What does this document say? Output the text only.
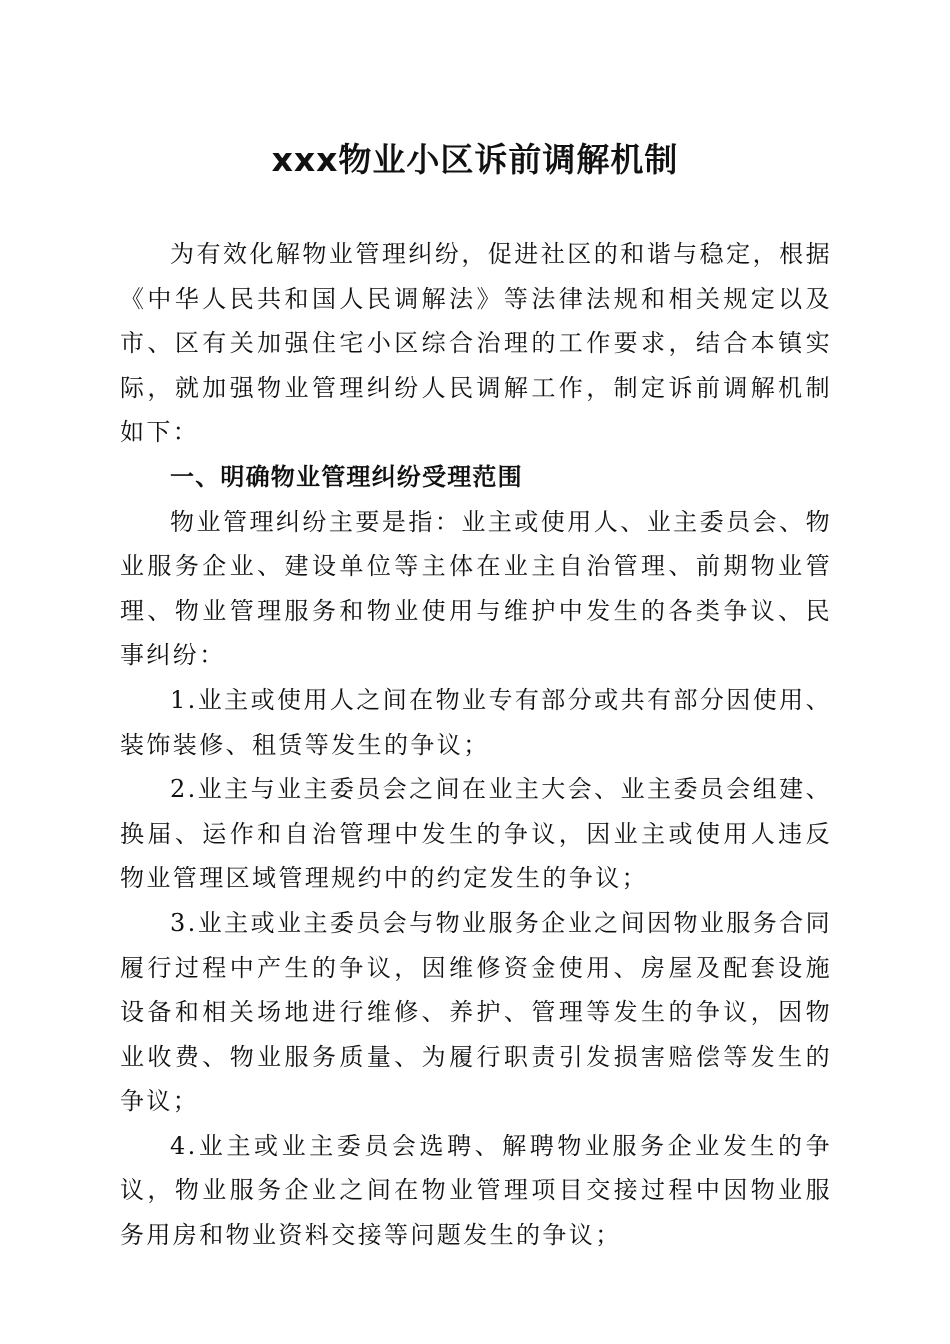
xxx物业小区诉前调解机制

为有效化解物业管理纠纷，促进社区的和谐与稳定，根据《中华人民共和国人民调解法》等法律法规和相关规定以及市、区有关加强住宅小区综合治理的工作要求，结合本镇实际，就加强物业管理纠纷人民调解工作，制定诉前调解机制如下：

一、明确物业管理纠纷受理范围

物业管理纠纷主要是指：业主或使用人、业主委员会、物业服务企业、建设单位等主体在业主自治管理、前期物业管理、物业管理服务和物业使用与维护中发生的各类争议、民事纠纷：

1.业主或使用人之间在物业专有部分或共有部分因使用、装饰装修、租赁等发生的争议；

2.业主与业主委员会之间在业主大会、业主委员会组建、换届、运作和自治管理中发生的争议，因业主或使用人违反物业管理区域管理规约中的约定发生的争议；

3.业主或业主委员会与物业服务企业之间因物业服务合同履行过程中产生的争议，因维修资金使用、房屋及配套设施设备和相关场地进行维修、养护、管理等发生的争议，因物业收费、物业服务质量、为履行职责引发损害赔偿等发生的争议；

4.业主或业主委员会选聘、解聘物业服务企业发生的争议，物业服务企业之间在物业管理项目交接过程中因物业服务用房和物业资料交接等问题发生的争议；
